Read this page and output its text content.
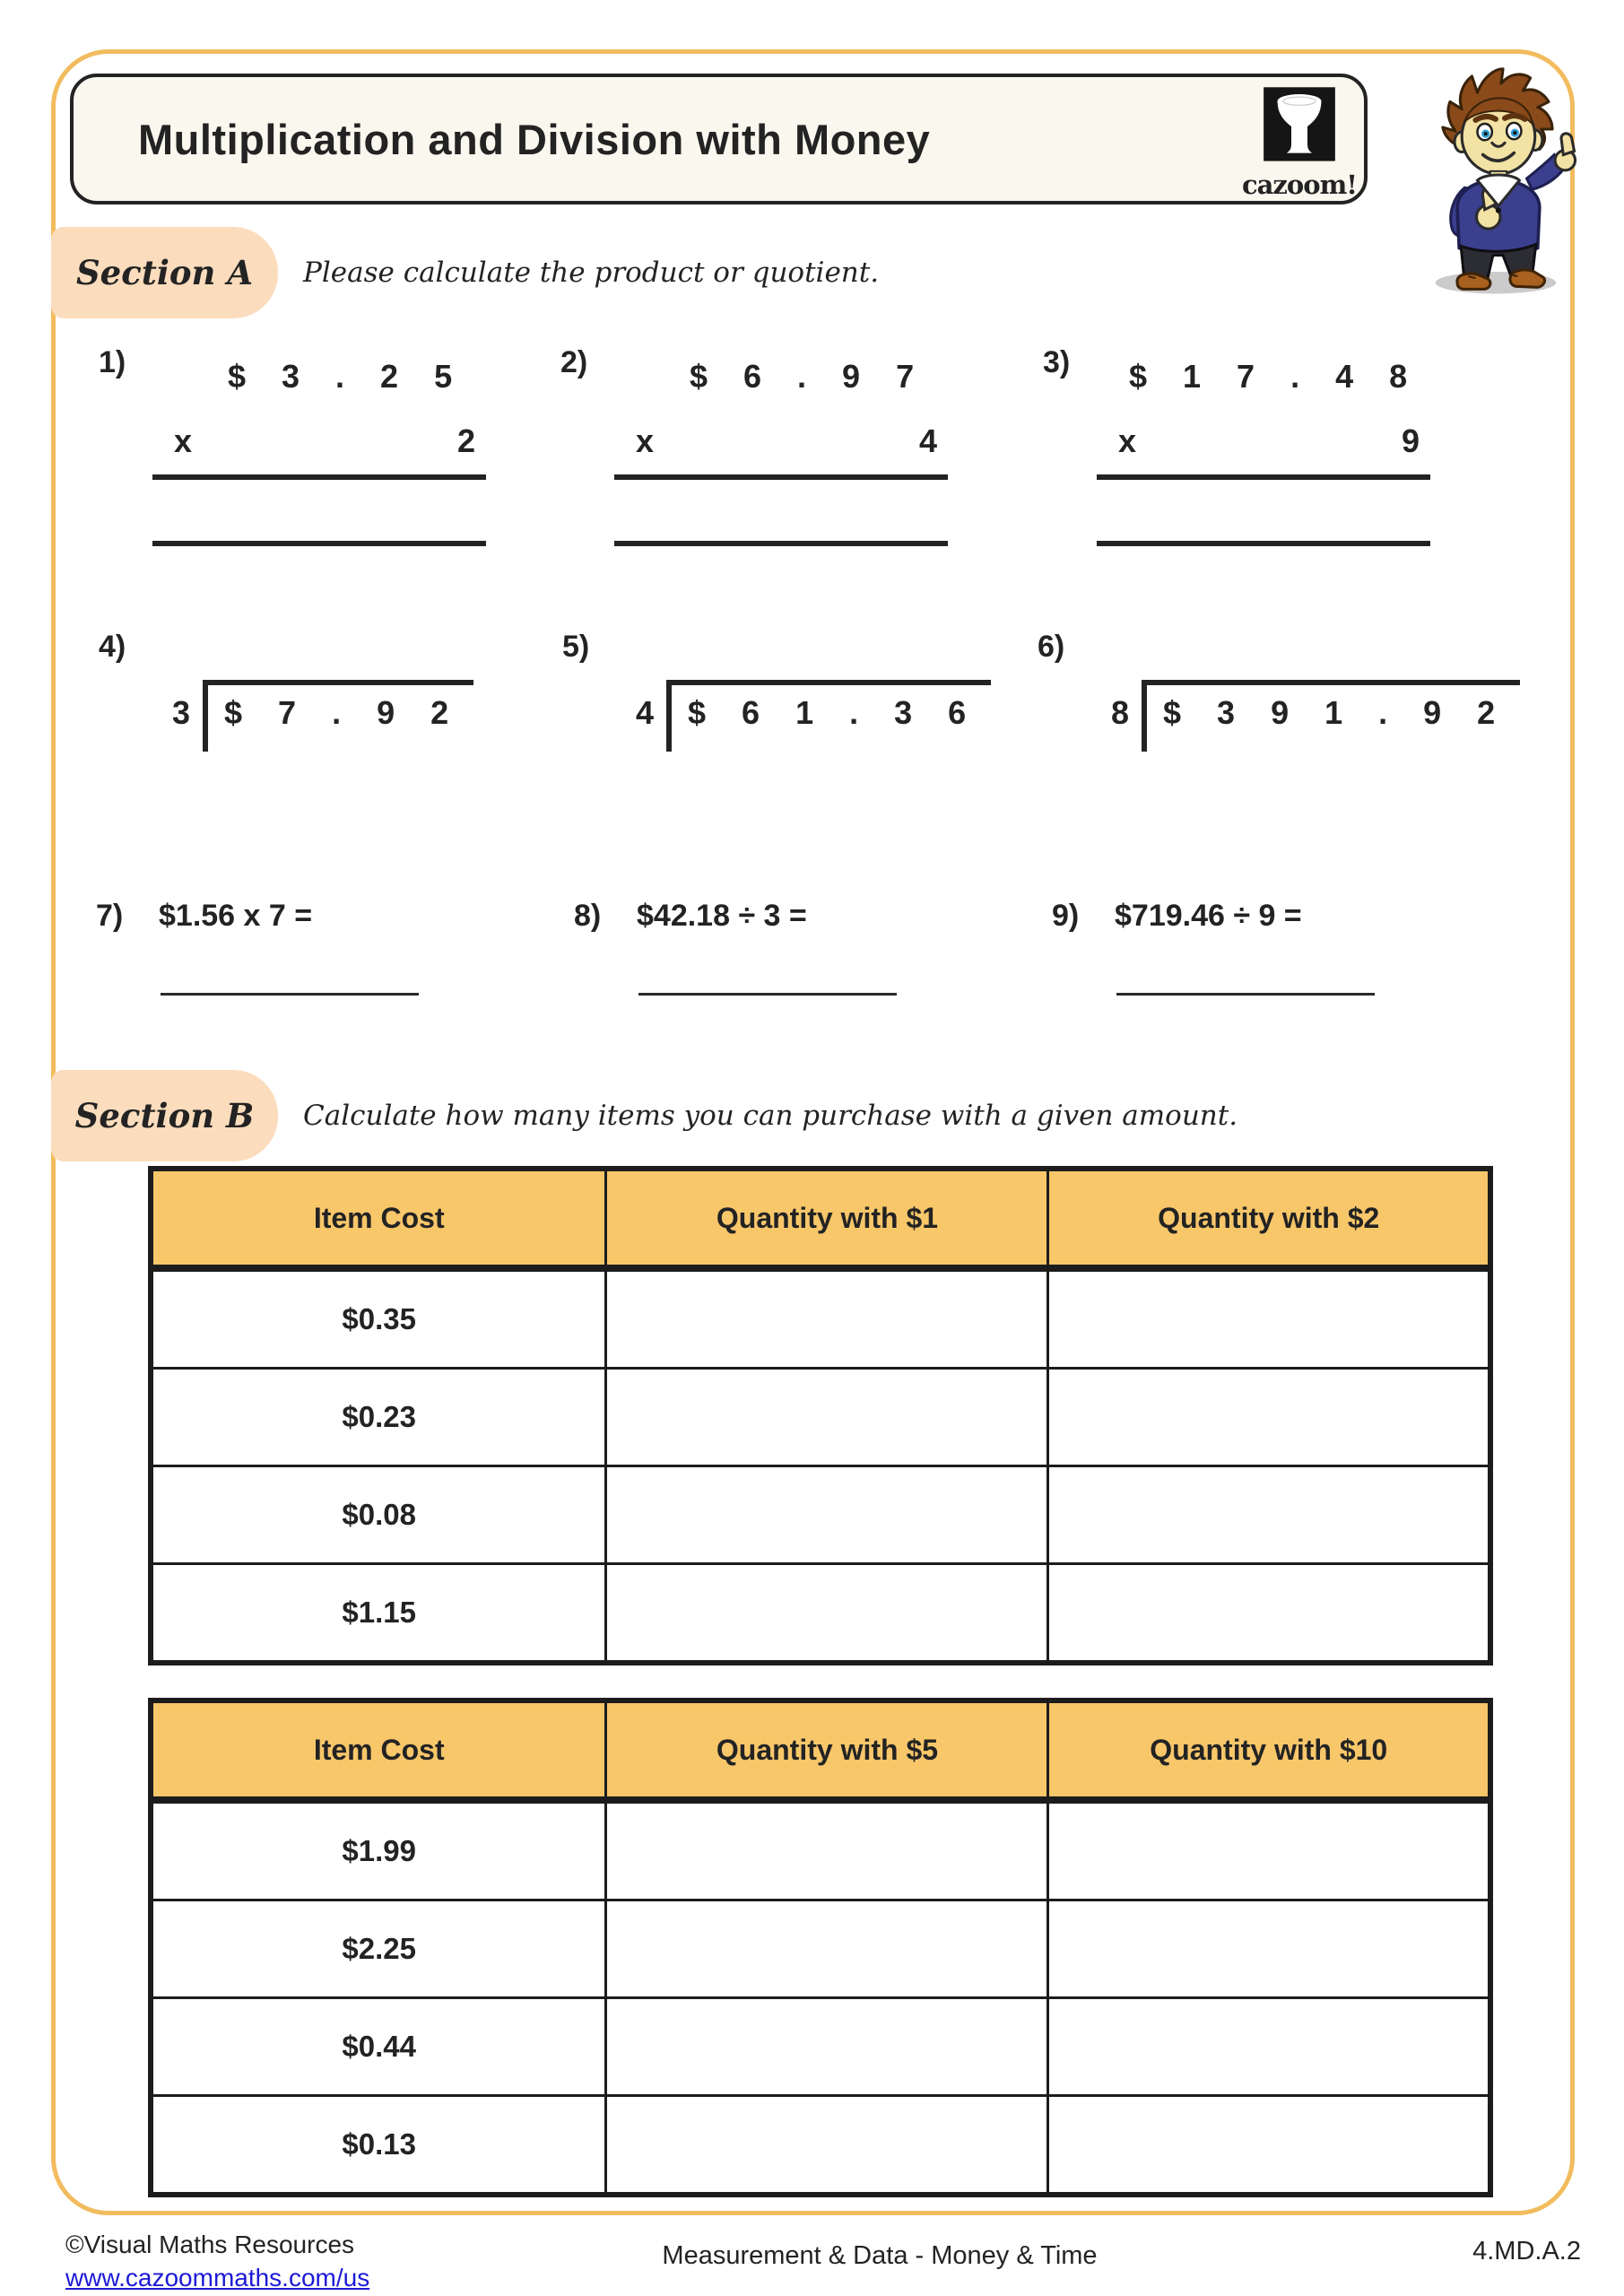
Multiplication and Division with Money
cazoom!
Section A Please calculate the product or quotient.
1)	$ 3 . 2 5
x	2
2)	$ 6 . 9 7
x	4
3)	$ 1 7 . 4 8
x	9
4)
3	$ 7 . 9 2
5)
4	$ 6 1 . 3 6
6)
8	$ 3 9 1 . 9 2
7)	$1.56 x 7 =	8)	$42.18 ÷ 3 =	9)	$719.46 ÷ 9 =
Section B Calculate how many items you can purchase with a given amount.
Item Cost	Quantity with $1	Quantity with $2
$0.35		
$0.23		
$0.08		
$1.15		
Item Cost	Quantity with $5	Quantity with $10
$1.99		
$2.25		
$0.44		
$0.13		
©Visual Maths Resources
www.cazoommaths.com/us
Measurement & Data - Money & Time	4.MD.A.2
